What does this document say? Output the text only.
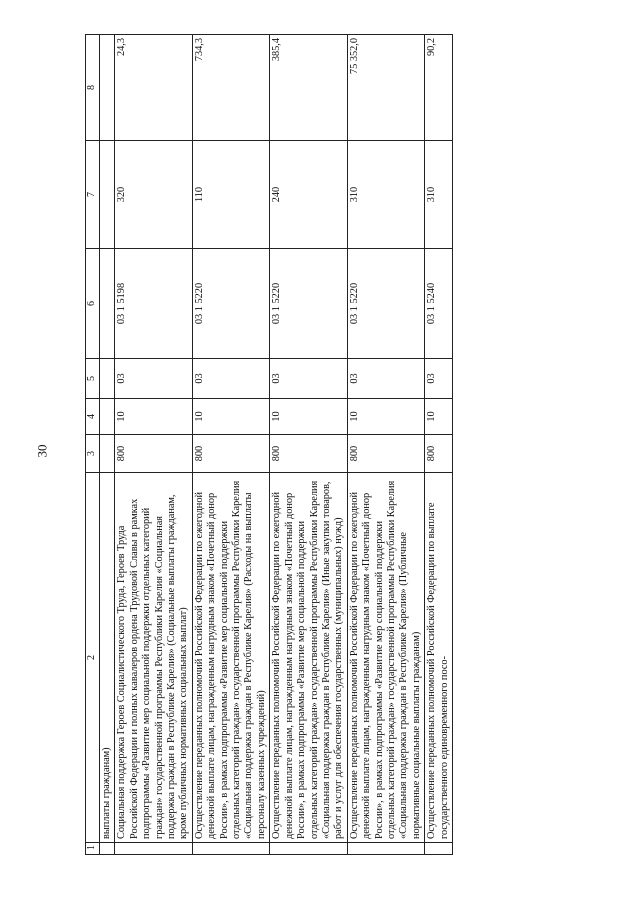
30
1	2	3	4	5	6	7	8
	выплаты гражданам)						
	Социальная поддержка Героев Социалистического Труда, Героев Труда Российской Федерации и полных кавалеров ордена Трудовой Славы в рамках подпрограммы «Развитие мер социальной поддержки отдельных категорий граждан» государственной программы Республики Карелия «Социальная поддержка граждан в Республике Карелия» (Социальные выплаты гражданам, кроме публичных нормативных социальных выплат)	800	10	03	03 1 5198	320	24,3
	Осуществление переданных полномочий Российской Федерации по ежегодной денежной выплате лицам, награжденным нагрудным знаком «Почетный донор России», в рамках подпрограммы «Развитие мер социальной поддержки отдельных категорий граждан» государственной программы Республики Карелия «Социальная поддержка граждан в Республике Карелия» (Расходы на выплаты персоналу казенных учреждений)	800	10	03	03 1 5220	110	734,3
	Осуществление переданных полномочий Российской Федерации по ежегодной денежной выплате лицам, награжденным нагрудным знаком «Почетный донор России», в рамках подпрограммы «Развитие мер социальной поддержки отдельных категорий граждан» государственной программы Республики Карелия «Социальная поддержка граждан в Республике Карелия» (Иные закупки товаров, работ и услуг для обеспечения государственных (муниципальных) нужд)	800	10	03	03 1 5220	240	385,4
	Осуществление переданных полномочий Российской Федерации по ежегодной денежной выплате лицам, награжденным нагрудным знаком «Почетный донор России», в рамках подпрограммы «Развитие мер социальной поддержки отдельных категорий граждан» государственной программы Республики Карелия «Социальная поддержка граждан в Республике Карелия» (Публичные нормативные социальные выплаты гражданам)	800	10	03	03 1 5220	310	75 352,0
	Осуществление переданных полномочий Российской Федерации по выплате государственного единовременного посо-	800	10	03	03 1 5240	310	90,2
